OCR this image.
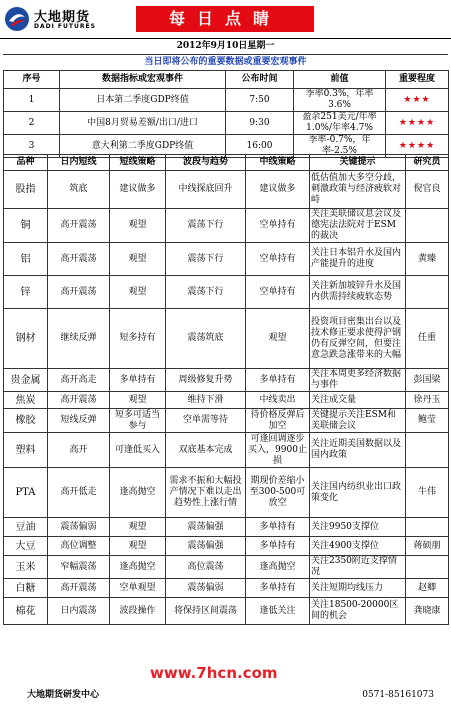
大地期货
DADI FUTURES	每日点睛
2012年9月10日星期一
当日即将公布的重要数据或重要宏观事件
序号	数据指标或宏观事件	公布时间	前值	重要程度
1	日本第二季度GDP终值	7:50	季率0.3%，年率3.6%	★★★
2	中国8月贸易差额/出口/进口	9:30	盈余251美元/年率1.0%/年率4.7%	★★★★
3	意大利第二季度GDP终值	16:00	季率-0.7%，年率-2.5%	★★★★
品种	日内短线	短线策略	波段与趋势	中线策略	关键提示	研究员
股指	筑底	建议做多	中线探底回升	建议做多	低估值加大多空分歧，刺激政策与经济疲软对峙	倪官良
铜	高开震荡	观望	震荡下行	空单持有	关注美联储议息会议及德宪法法院对于ESM的裁决	
铝	高开震荡	观望	震荡下行	空单持有	关注日本铝升水及国内产能提升的进度	黄臻
锌	高开震荡	观望	震荡下行	空单持有	关注新加坡锌升水及国内供需持续疲软态势	
钢材	继续反弹	短多持有	震荡筑底	观望	投资项目密集出台以及技术修正要求使得沪钢仍有反弹空间，但要注意急跌急涨带来的大幅	任重
贵金属	高开高走	多单持有	周级修复升势	多单持有	关注本周更多经济数据与事件	彭国梁
焦炭	高开震荡	观望	维持下滑	中线卖出	关注成交量	徐丹玉
橡胶	短线反弹	短多可适当参与	空单需等待	待价格反弹后加空	关键提示关注ESM和美联储会议	鲍莹
塑料	高开	可逢低买入	双底基本完成	可逢回调逐步买入，9900止损	关注近期美国数据以及国内政策	
PTA	高开低走	逢高抛空	需求不振和大幅投产情况下难以走出趋势性上涨行情	期现价差缩小至300-500可放空	关注国内纺织业出口政策变化	牛伟
豆油	震荡偏弱	观望	震荡偏强	多单持有	关注9950支撑位	
大豆	高位调整	观望	震荡偏强	多单持有	关注4900支撑位	蒋硕朋
玉米	窄幅震荡	逢高抛空	高位震荡	逢高抛空	关注2350附近支撑情况	
白糖	高开震荡	空单观望	震荡偏弱	多单持有	关注短期均线压力	赵卿
棉花	日内震荡	波段操作	将保持区间震荡	逢低关注	关注18500-20000区间的机会	龚晓康
www.7hcn.com
大地期货研发中心	0571-85161073
